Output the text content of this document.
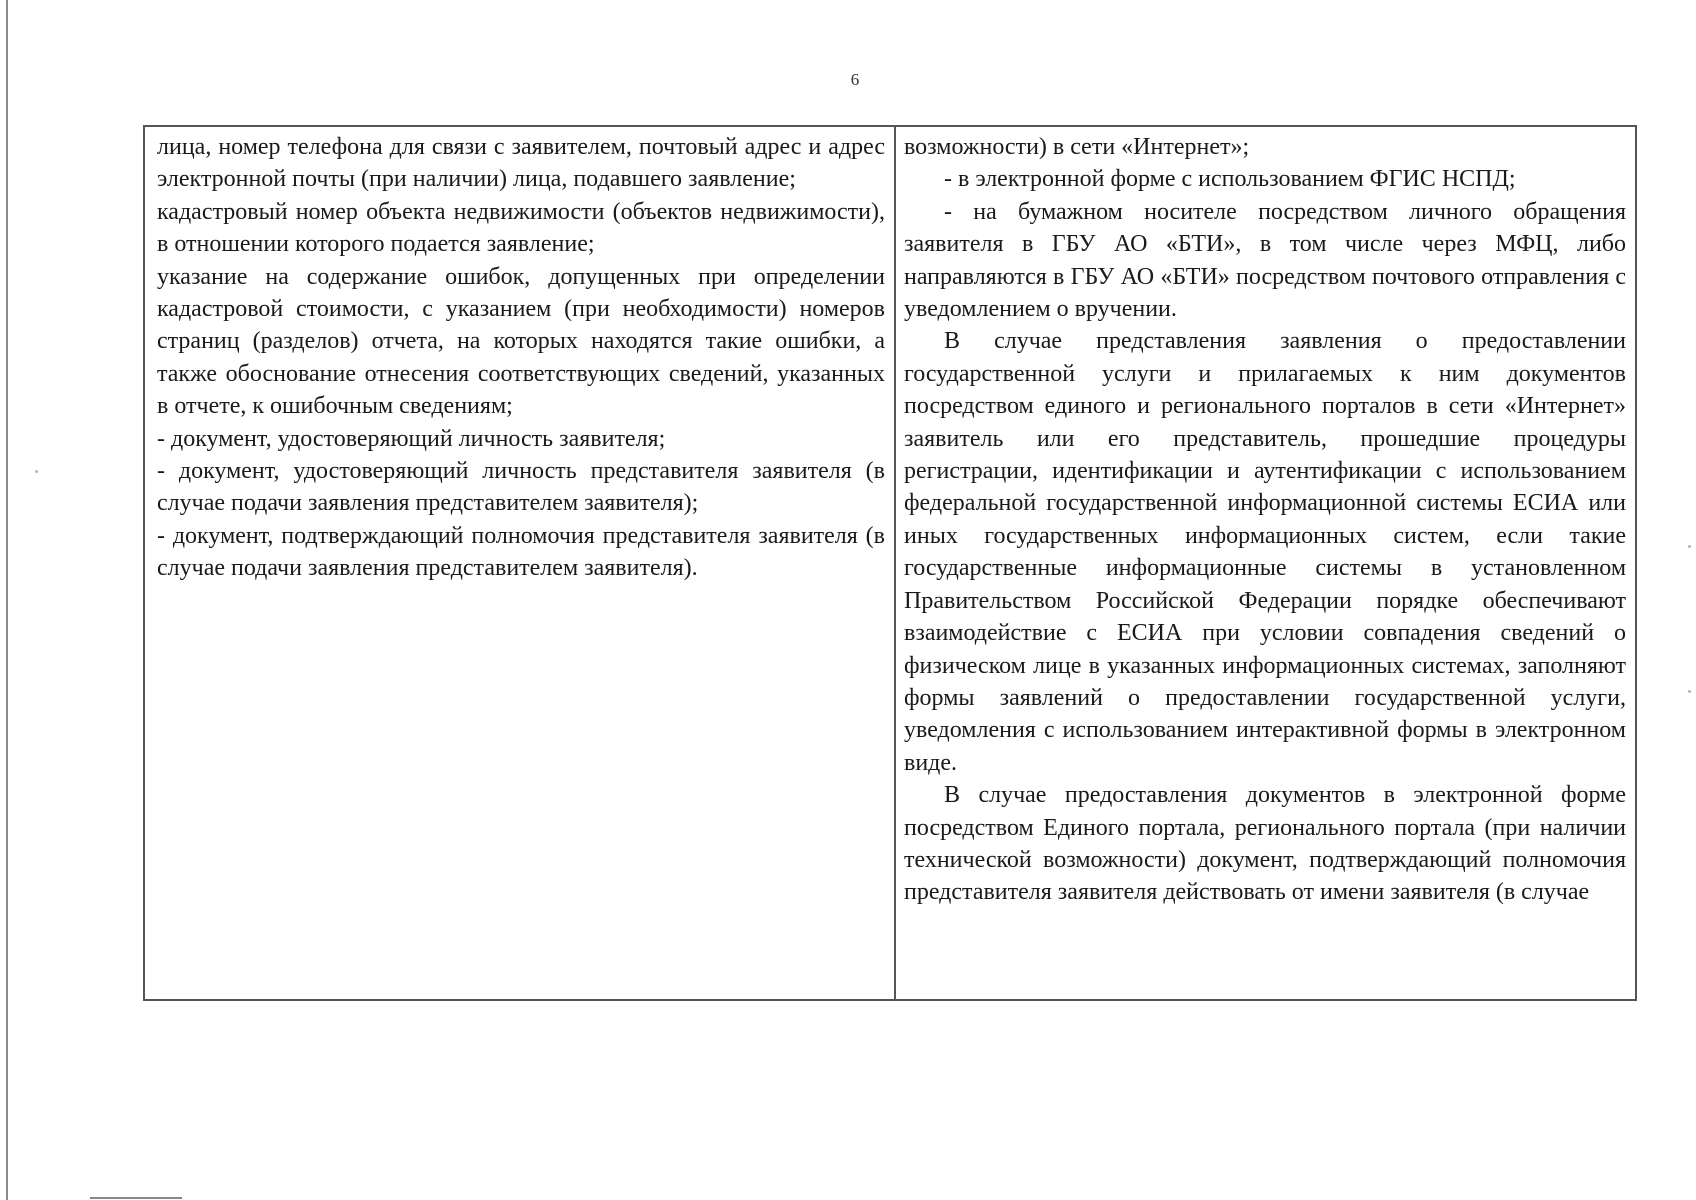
6

лица, номер телефона для связи с заявителем, почтовый адрес и адрес электронной почты (при наличии) лица, подавшего заявление;

кадастровый номер объекта недвижимости (объектов недвижимости), в отношении которого подается заявление;

указание на содержание ошибок, допущенных при определении кадастровой стоимости, с указанием (при необходимости) номеров страниц (разделов) отчета, на которых находятся такие ошибки, а также обоснование отнесения соответствующих сведений, указанных в отчете, к ошибочным сведениям;

- документ, удостоверяющий личность заявителя;

- документ, удостоверяющий личность представителя заявителя (в случае подачи заявления представителем заявителя);

- документ, подтверждающий полномочия представителя заявителя (в случае подачи заявления представителем заявителя).

возможности) в сети «Интернет»;

- в электронной форме с использованием ФГИС НСПД;

- на бумажном носителе посредством личного обращения заявителя в ГБУ АО «БТИ», в том числе через МФЦ, либо направляются в ГБУ АО «БТИ» посредством почтового отправления с уведомлением о вручении.

В случае представления заявления о предоставлении государственной услуги и прилагаемых к ним документов посредством единого и регионального порталов в сети «Интернет» заявитель или его представитель, прошедшие процедуры регистрации, идентификации и аутентификации с использованием федеральной государственной информационной системы ЕСИА или иных государственных информационных систем, если такие государственные информационные системы в установленном Правительством Российской Федерации порядке обеспечивают взаимодействие с ЕСИА при условии совпадения сведений о физическом лице в указанных информационных системах, заполняют формы заявлений о предоставлении государственной услуги, уведомления с использованием интерактивной формы в электронном виде.

В случае предоставления документов в электронной форме посредством Единого портала, регионального портала (при наличии технической возможности) документ, подтверждающий полномочия представителя заявителя действовать от имени заявителя (в случае
